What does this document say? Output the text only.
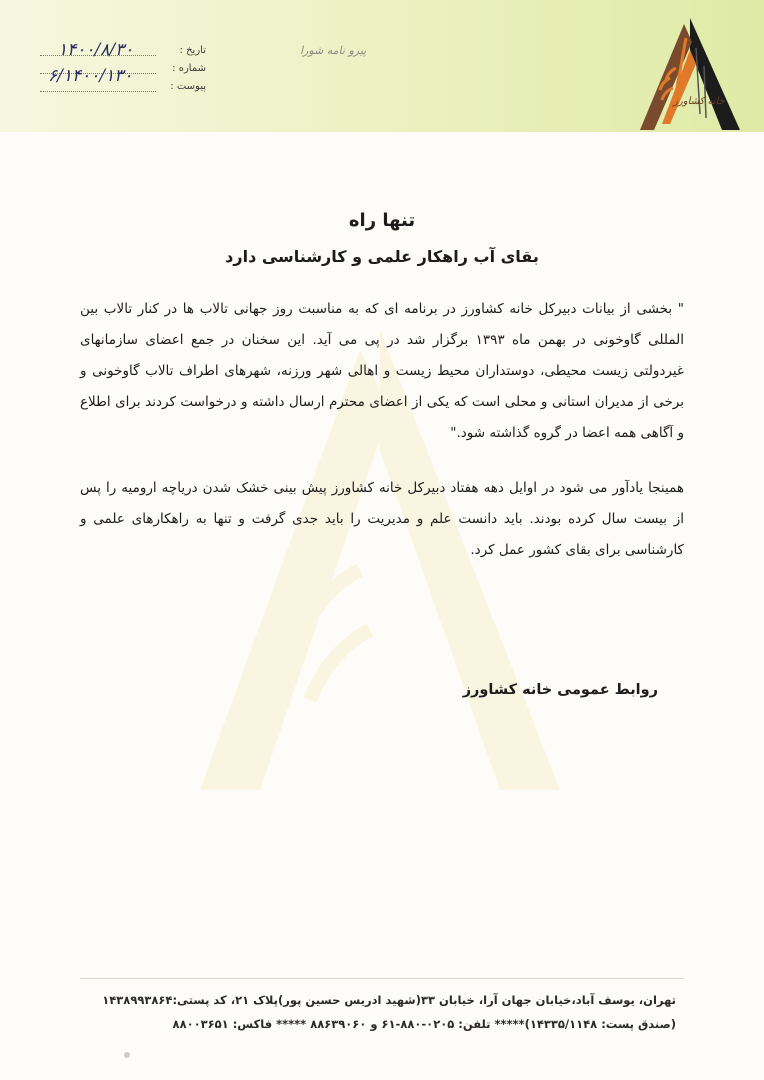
خانه کشاورز
پیرو نامه شورا
تاریخ :
شماره :
پیوست :
۱۴۰۰/۸/۳۰
۶/۱۴۰۰/۱۳۰
تنها راه
بقای آب راهکار علمی و کارشناسی دارد

" بخشی از بیانات دبیرکل خانه کشاورز در برنامه ای که به مناسبت روز جهانی تالاب ها در کنار تالاب بین المللی گاوخونی در بهمن ماه ۱۳۹۳ برگزار شد در پی می آید. این سخنان در جمع اعضای سازمانهای غیردولتی زیست محیطی، دوستداران محیط زیست و اهالی شهر ورزنه، شهرهای اطراف تالاب گاوخونی و برخی از مدیران استانی و محلی است که یکی از اعضای محترم ارسال داشته و درخواست کردند برای اطلاع و آگاهی همه اعضا در گروه گذاشته شود."

همینجا یادآور می شود در اوایل دهه هفتاد دبیرکل خانه کشاورز پیش بینی خشک شدن دریاچه ارومیه را پس از بیست سال کرده بودند. باید دانست علم و مدیریت را باید جدی گرفت و تنها به راهکارهای علمی و کارشناسی برای بقای کشور عمل کرد.

روابط عمومی خانه کشاورز
تهران، یوسف آباد،خیابان جهان آرا، خیابان ۳۳(شهید ادریس حسین پور)پلاک ۲۱، کد پستی:۱۴۳۸۹۹۳۸۶۴
(صندق پست: ۱۴۳۳۵/۱۱۴۸)***** تلفن: ۰۲۰۵-۸۸۰-۶۱ و ۸۸۶۳۹۰۶۰ ***** فاکس: ۸۸۰۰۳۶۵۱
